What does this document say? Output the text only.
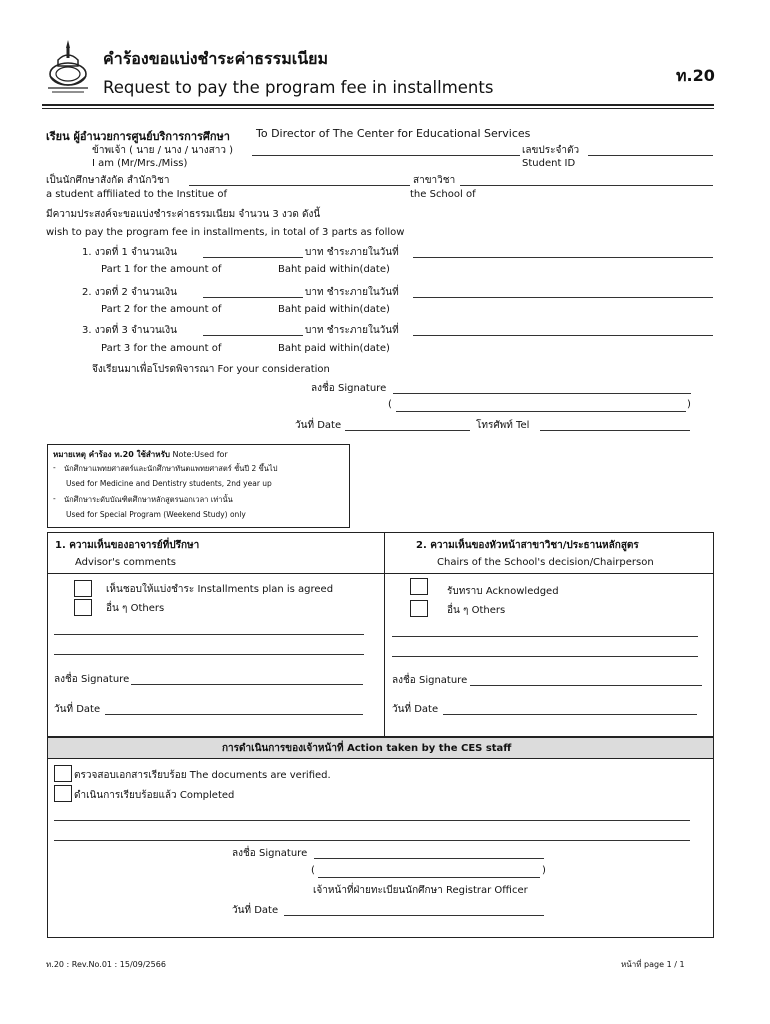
คำร้องขอแบ่งชำระค่าธรรมเนียม
Request to pay the program fee in installments
ท.20
เรียน ผู้อำนวยการศูนย์บริการการศึกษา To Director of The Center for Educational Services
ข้าพเจ้า ( นาย / นาง / นางสาว )	เลขประจำตัว
I am (Mr/Mrs./Miss)	Student ID
เป็นนักศึกษาสังกัด สำนักวิชา	สาขาวิชา
a student affiliated to the Institue of	the School of
มีความประสงค์จะขอแบ่งชำระค่าธรรมเนียม จำนวน 3 งวด ดังนี้
wish to pay the program fee in installments, in total of 3 parts as follow
1. งวดที่ 1 จำนวนเงิน	บาท ชำระภายในวันที่
Part 1 for the amount of	Baht paid within(date)
2. งวดที่ 2 จำนวนเงิน	บาท ชำระภายในวันที่
Part 2 for the amount of	Baht paid within(date)
3. งวดที่ 3 จำนวนเงิน	บาท ชำระภายในวันที่
Part 3 for the amount of	Baht paid within(date)
จึงเรียนมาเพื่อโปรดพิจารณา For your consideration
ลงชื่อ Signature
(	)
วันที่ Date	โทรศัพท์ Tel
หมายเหตุ คำร้อง ท.20 ใช้สำหรับ Note:Used for
- นักศึกษาแพทยศาสตร์และนักศึกษาทันตแพทยศาสตร์ ชั้นปี 2 ขึ้นไป
Used for Medicine and Dentistry students, 2nd year up
- นักศึกษาระดับบัณฑิตศึกษาหลักสูตรนอกเวลา เท่านั้น
Used for Special Program (Weekend Study) only
1. ความเห็นของอาจารย์ที่ปรึกษา
Advisor's comments
เห็นชอบให้แบ่งชำระ Installments plan is agreed
อื่น ๆ Others
ลงชื่อ Signature
วันที่ Date
2. ความเห็นของหัวหน้าสาขาวิชา/ประธานหลักสูตร
Chairs of the School's decision/Chairperson
รับทราบ Acknowledged
อื่น ๆ Others
ลงชื่อ Signature
วันที่ Date
การดำเนินการของเจ้าหน้าที่ Action taken by the CES staff
ตรวจสอบเอกสารเรียบร้อย The documents are verified.
ดำเนินการเรียบร้อยแล้ว Completed
ลงชื่อ Signature
(	)
เจ้าหน้าที่ฝ่ายทะเบียนนักศึกษา Registrar Officer
วันที่ Date
ท.20 : Rev.No.01 : 15/09/2566	หน้าที่ page 1 / 1
